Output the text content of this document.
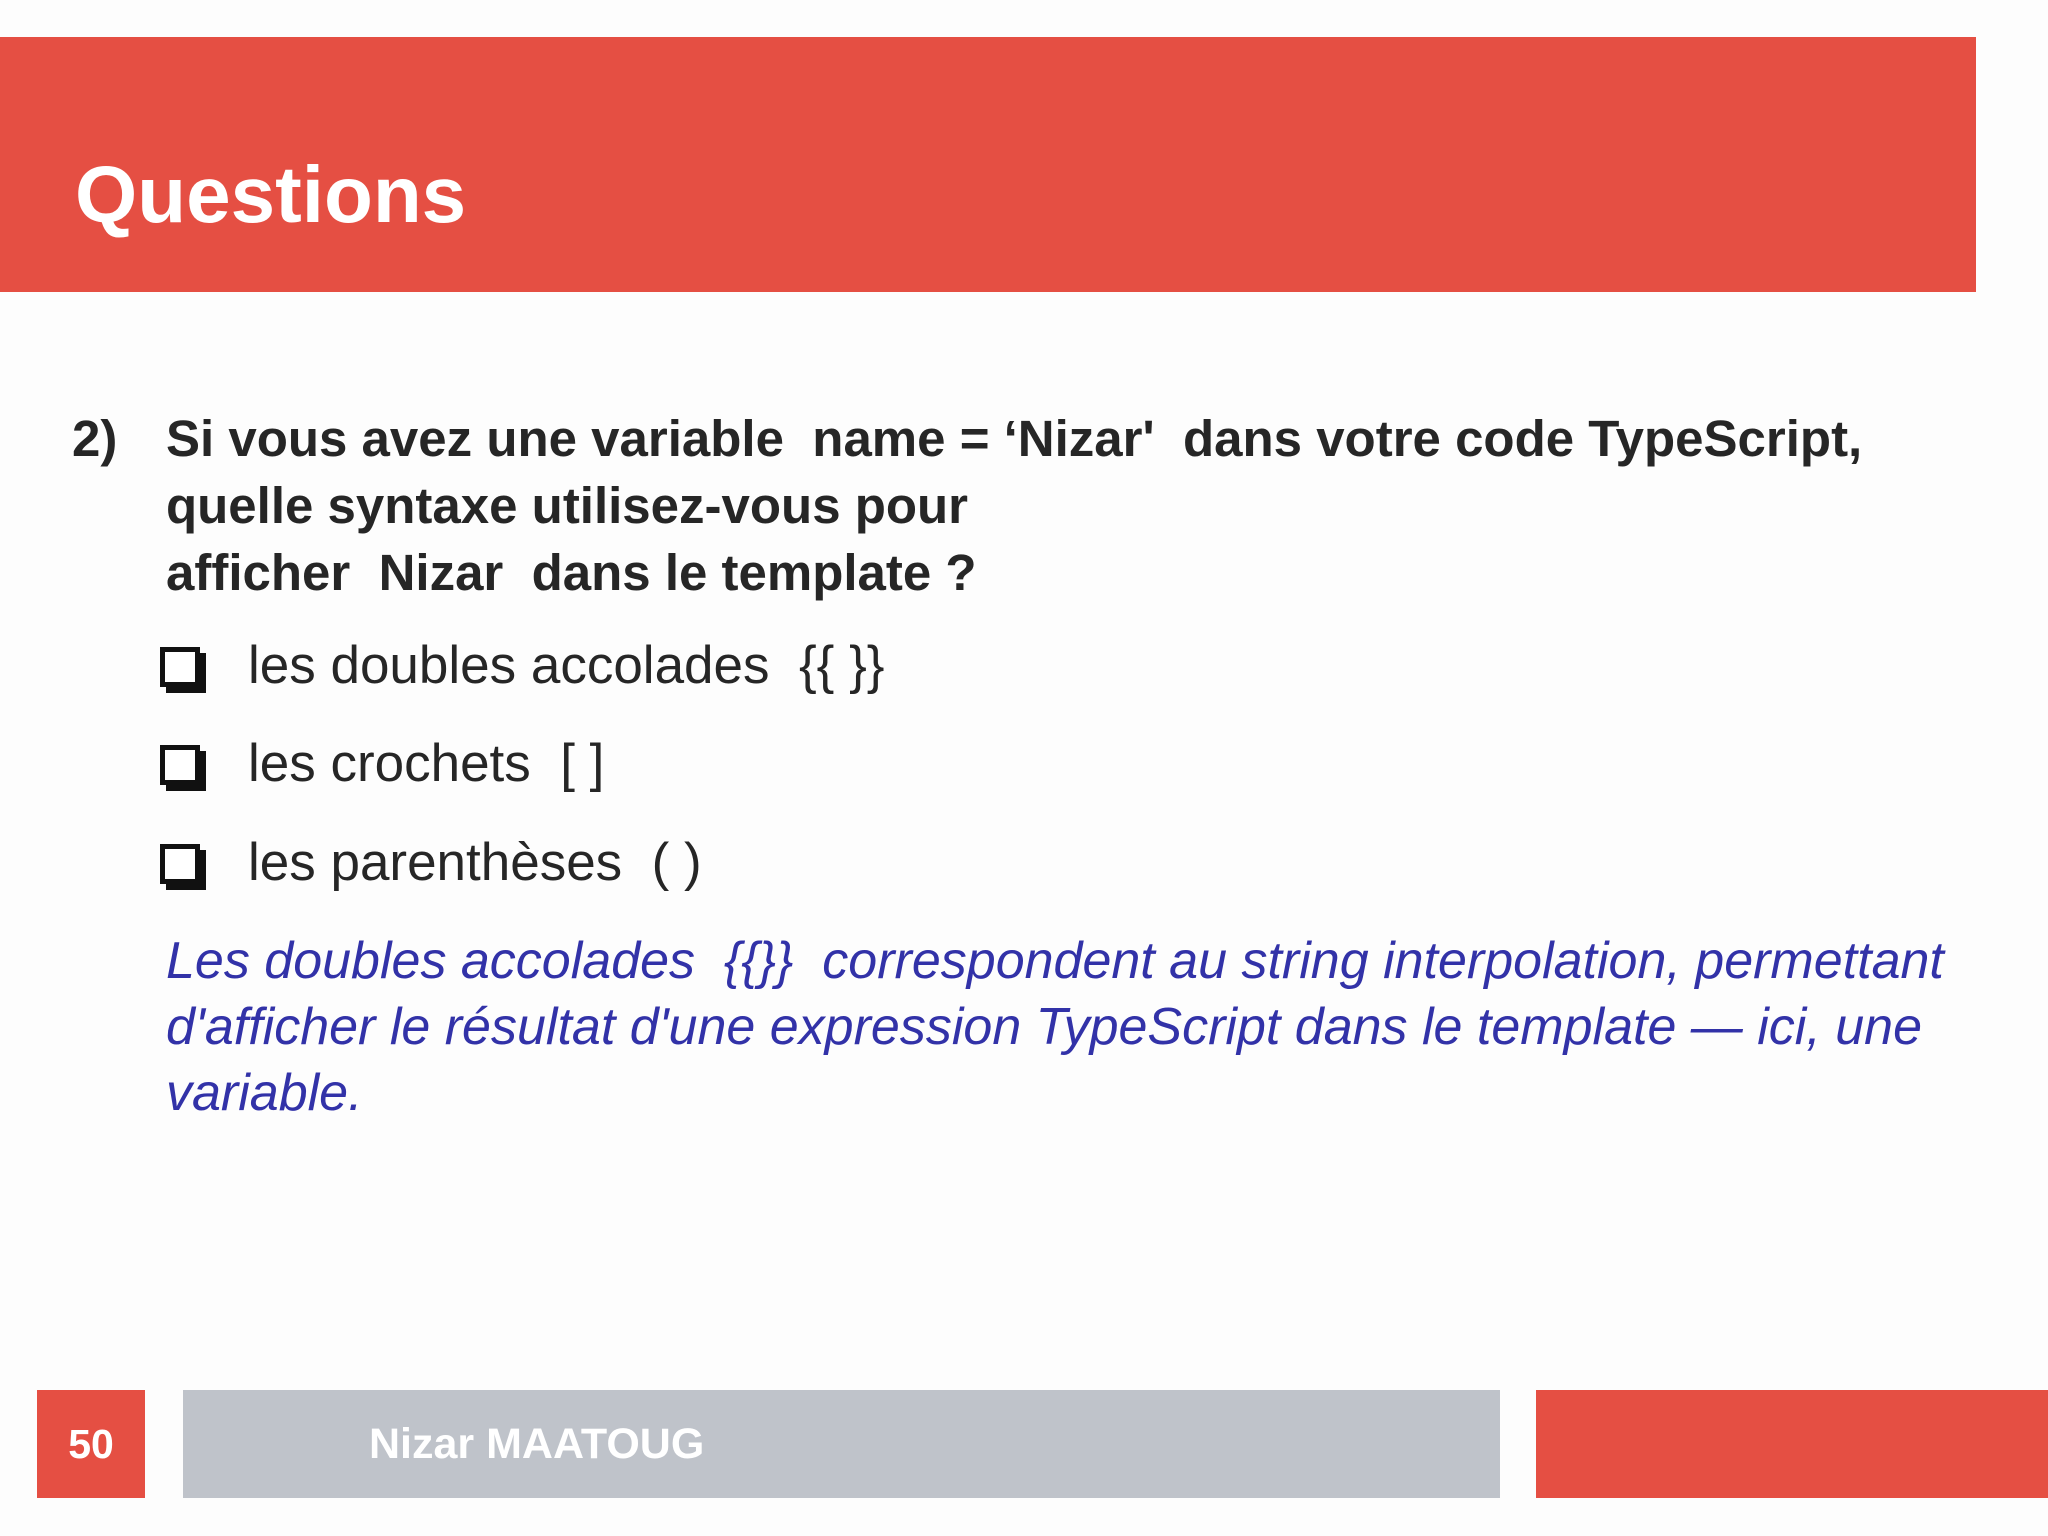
Questions
2) Si vous avez une variable  name = ‘Nizar'  dans votre code TypeScript, quelle syntaxe utilisez-vous pour
afficher  Nizar  dans le template ?

les doubles accolades  {{ }}

les crochets  [ ]

les parenthèses  ( )

Les doubles accolades  {{}}  correspondent au string interpolation, permettant d'afficher le résultat d'une expression TypeScript dans le template — ici, une variable.
50	Nizar MAATOUG
